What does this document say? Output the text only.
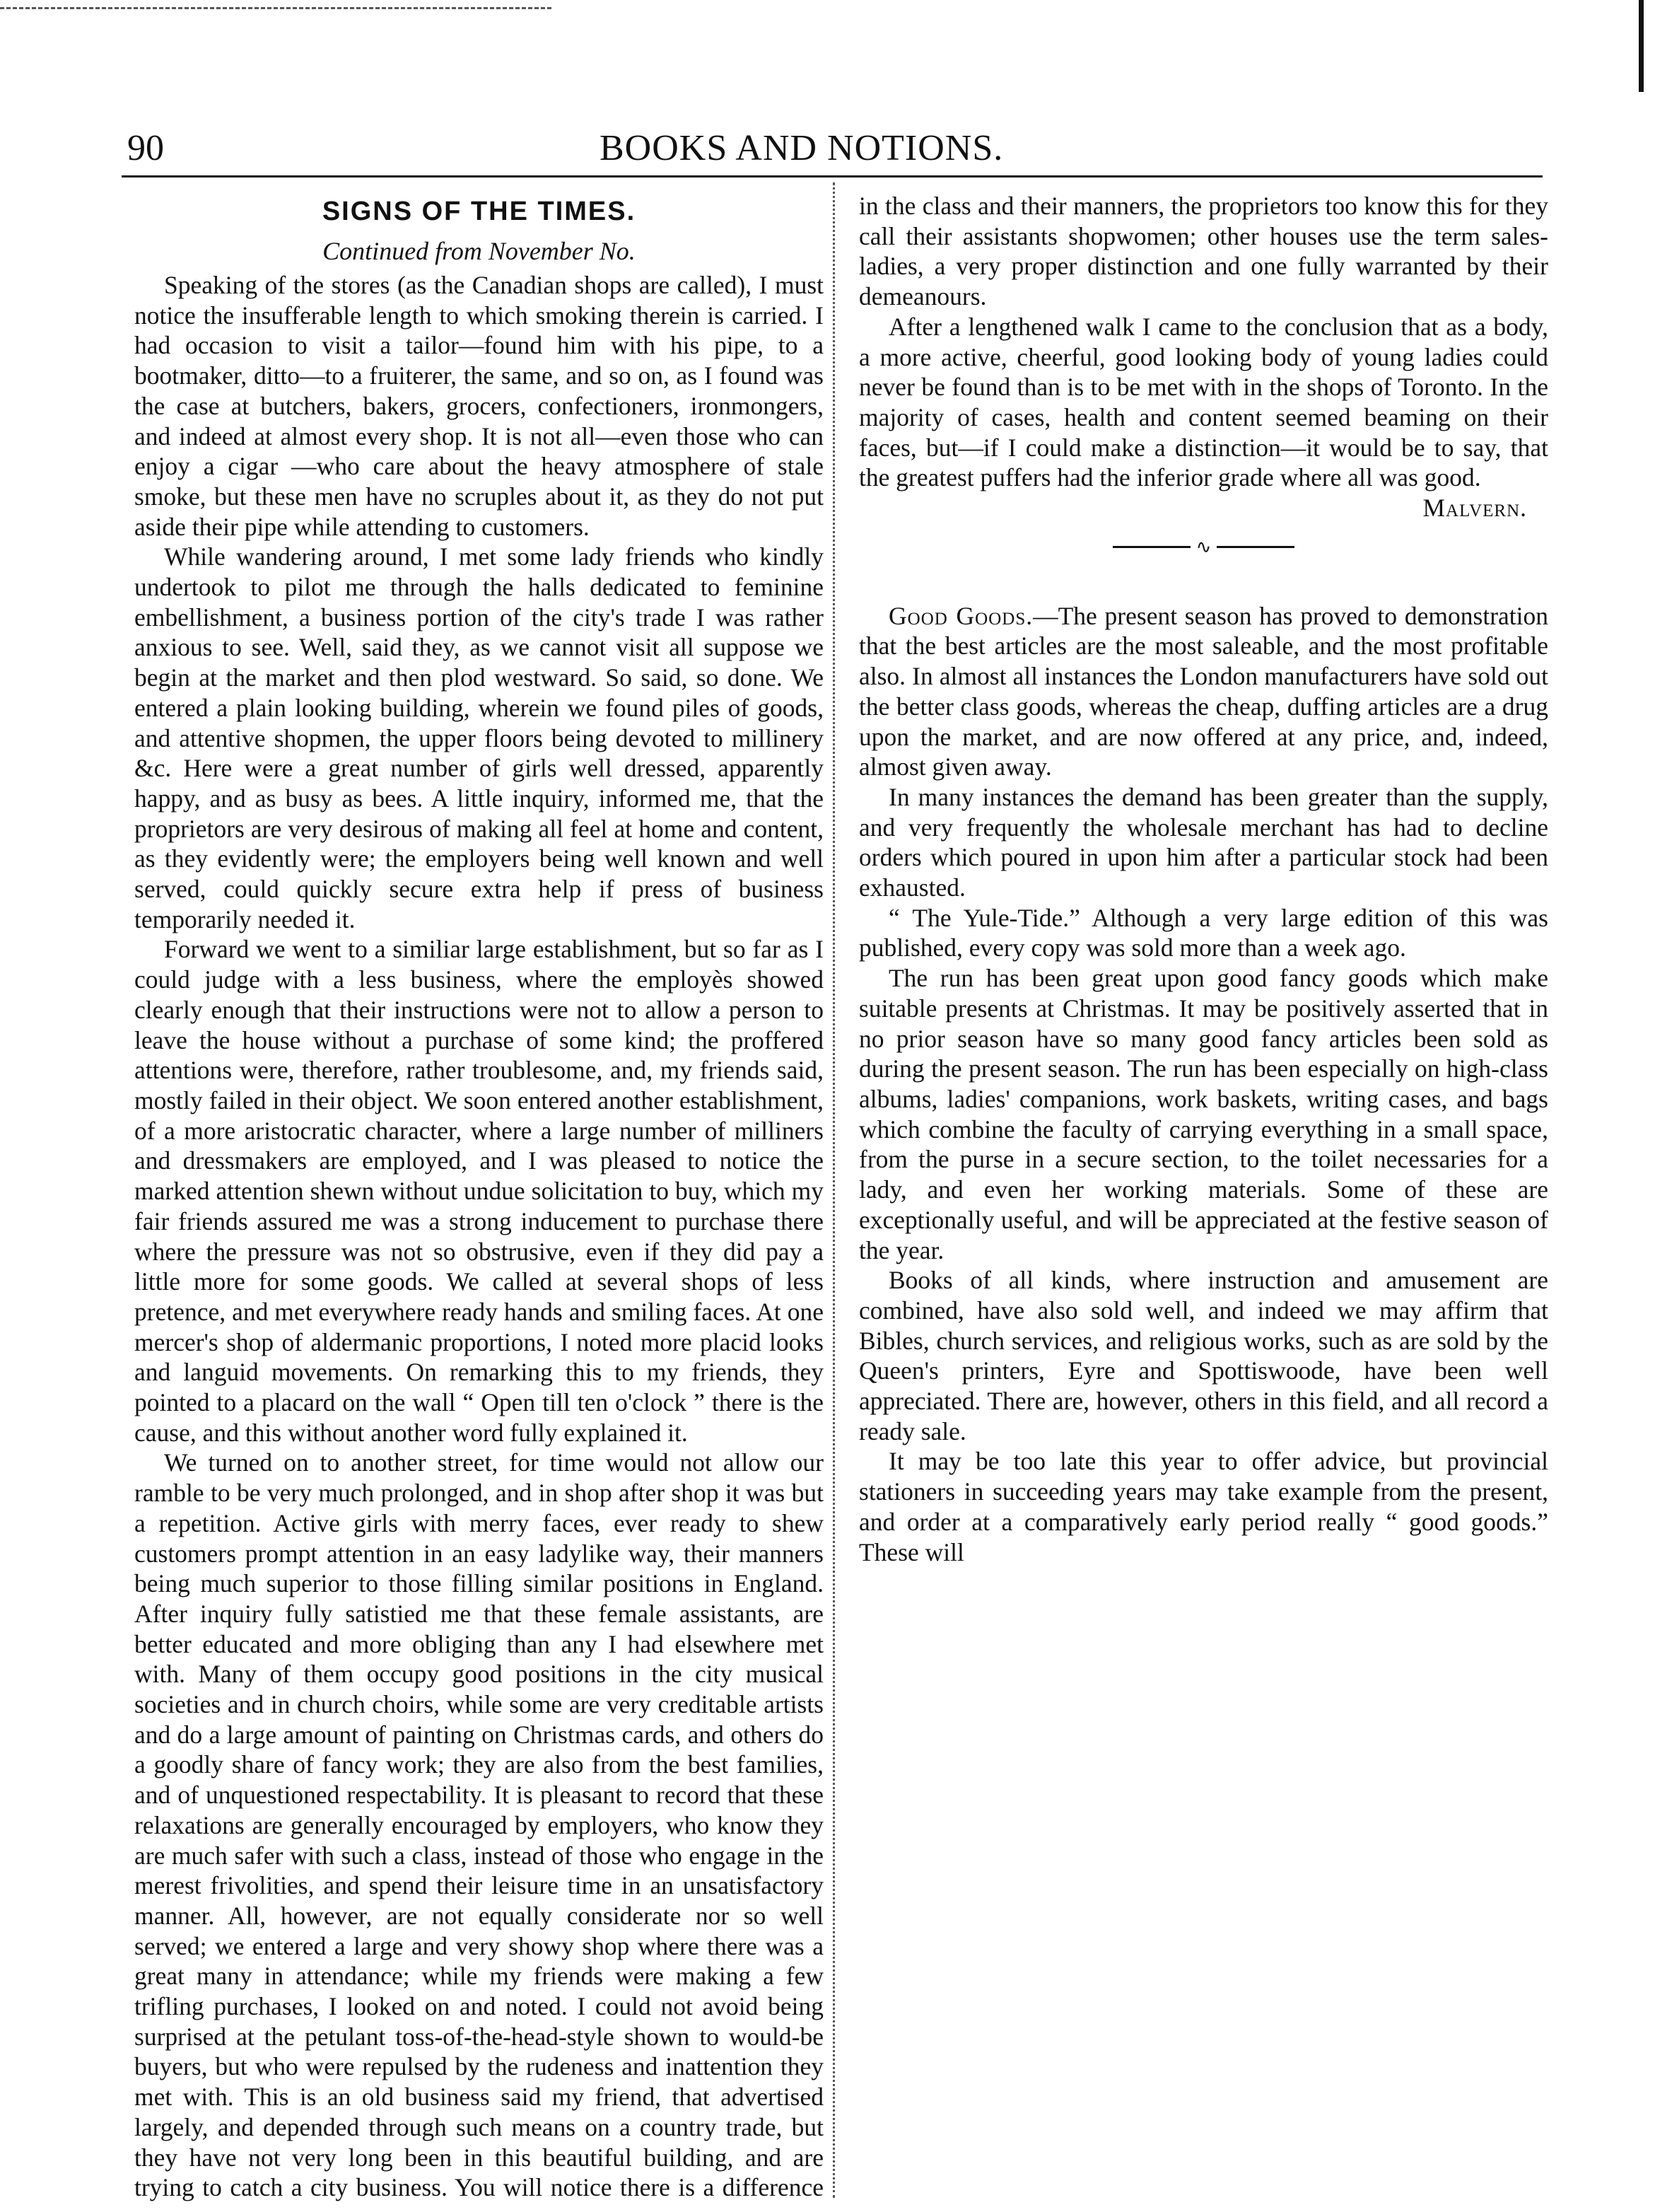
90	BOOKS AND NOTIONS.
SIGNS OF THE TIMES.
Continued from November No.

Speaking of the stores (as the Canadian shops are called), I must notice the insufferable length to which smoking therein is carried. I had occasion to visit a tailor—found him with his pipe, to a bootmaker, ditto—to a fruiterer, the same, and so on, as I found was the case at butchers, bakers, grocers, confectioners, ironmongers, and indeed at almost every shop. It is not all—even those who can enjoy a cigar —who care about the heavy atmosphere of stale smoke, but these men have no scruples about it, as they do not put aside their pipe while attending to customers.

While wandering around, I met some lady friends who kindly undertook to pilot me through the halls dedicated to feminine embellishment, a business portion of the city's trade I was rather anxious to see. Well, said they, as we cannot visit all suppose we begin at the market and then plod westward. So said, so done. We entered a plain looking building, wherein we found piles of goods, and attentive shopmen, the upper floors being devoted to millinery &c. Here were a great number of girls well dressed, apparently happy, and as busy as bees. A little inquiry, informed me, that the proprietors are very desirous of making all feel at home and content, as they evidently were; the employers being well known and well served, could quickly secure extra help if press of business temporarily needed it.

Forward we went to a similiar large establishment, but so far as I could judge with a less business, where the employès showed clearly enough that their instructions were not to allow a person to leave the house without a purchase of some kind; the proffered attentions were, therefore, rather troublesome, and, my friends said, mostly failed in their object. We soon entered another establishment, of a more aristocratic character, where a large number of milliners and dressmakers are employed, and I was pleased to notice the marked attention shewn without undue solicitation to buy, which my fair friends assured me was a strong inducement to purchase there where the pressure was not so obstrusive, even if they did pay a little more for some goods. We called at several shops of less pretence, and met everywhere ready hands and smiling faces. At one mercer's shop of aldermanic proportions, I noted more placid looks and languid movements. On remarking this to my friends, they pointed to a placard on the wall “ Open till ten o'clock ” there is the cause, and this without another word fully explained it.

We turned on to another street, for time would not allow our ramble to be very much prolonged, and in shop after shop it was but a repetition. Active girls with merry faces, ever ready to shew customers prompt attention in an easy ladylike way, their manners being much superior to those filling similar positions in England. After inquiry fully satistied me that these female assistants, are better educated and more obliging than any I had elsewhere met with. Many of them occupy good positions in the city musical societies and in church choirs, while some are very creditable artists and do a large amount of painting on Christmas cards, and others do a goodly share of fancy work; they are also from the best families, and of unquestioned respectability. It is pleasant to record that these relaxations are generally encouraged by employers, who know they are much safer with such a class, instead of those who engage in the merest frivolities, and spend their leisure time in an unsatisfactory manner. All, however, are not equally considerate nor so well served; we entered a large and very showy shop where there was a great many in attendance; while my friends were making a few trifling purchases, I looked on and noted. I could not avoid being surprised at the petulant toss-of-the-head-style shown to would-be buyers, but who were repulsed by the rudeness and inattention they met with. This is an old business said my friend, that advertised largely, and depended through such means on a country trade, but they have not very long been in this beautiful building, and are trying to catch a city business. You will notice there is a difference

in the class and their manners, the proprietors too know this for they call their assistants shopwomen; other houses use the term sales-ladies, a very proper distinction and one fully warranted by their demeanours.

After a lengthened walk I came to the conclusion that as a body, a more active, cheerful, good looking body of young ladies could never be found than is to be met with in the shops of Toronto. In the majority of cases, health and content seemed beaming on their faces, but—if I could make a distinction—it would be to say, that the greatest puffers had the inferior grade where all was good.

Malvern.

∿

Good Goods.—The present season has proved to demonstration that the best articles are the most saleable, and the most profitable also. In almost all instances the London manufacturers have sold out the better class goods, whereas the cheap, duffing articles are a drug upon the market, and are now offered at any price, and, indeed, almost given away.

In many instances the demand has been greater than the supply, and very frequently the wholesale merchant has had to decline orders which poured in upon him after a particular stock had been exhausted.

“ The Yule-Tide.” Although a very large edition of this was published, every copy was sold more than a week ago.

The run has been great upon good fancy goods which make suitable presents at Christmas. It may be positively asserted that in no prior season have so many good fancy articles been sold as during the present season. The run has been especially on high-class albums, ladies' companions, work baskets, writing cases, and bags which combine the faculty of carrying everything in a small space, from the purse in a secure section, to the toilet necessaries for a lady, and even her working materials. Some of these are exceptionally useful, and will be appreciated at the festive season of the year.

Books of all kinds, where instruction and amusement are combined, have also sold well, and indeed we may affirm that Bibles, church services, and religious works, such as are sold by the Queen's printers, Eyre and Spottiswoode, have been well appreciated. There are, however, others in this field, and all record a ready sale.

It may be too late this year to offer advice, but provincial stationers in succeeding years may take example from the present, and order at a comparatively early period really “ good goods.” These will
